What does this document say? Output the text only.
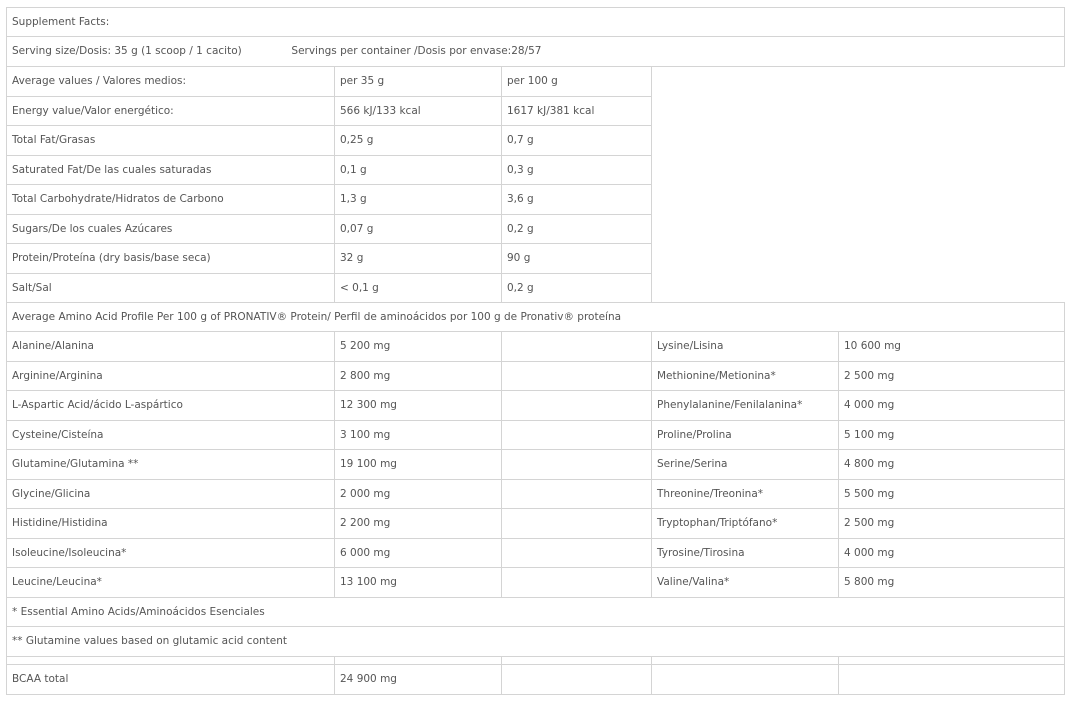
Supplement Facts:				
Serving size/Dosis: 35 g (1 scoop / 1 cacito) Servings per container /Dosis por envase:28/57				
Average values / Valores medios:	per 35 g	per 100 g		
Energy value/Valor energético:	566 kJ/133 kcal	1617 kJ/381 kcal		
Total Fat/Grasas	0,25 g	0,7 g		
Saturated Fat/De las cuales saturadas	0,1 g	0,3 g		
Total Carbohydrate/Hidratos de Carbono	1,3 g	3,6 g		
Sugars/De los cuales Azúcares	0,07 g	0,2 g		
Protein/Proteína (dry basis/base seca)	32 g	90 g		
Salt/Sal	< 0,1 g	0,2 g		
Average Amino Acid Profile Per 100 g of PRONATIV® Protein/ Perfil de aminoácidos por 100 g de Pronativ® proteína				
Alanine/Alanina	5 200 mg		Lysine/Lisina	10 600 mg
Arginine/Arginina	2 800 mg		Methionine/Metionina*	2 500 mg
L-Aspartic Acid/ácido L-aspártico	12 300 mg		Phenylalanine/Fenilalanina*	4 000 mg
Cysteine/Cisteína	3 100 mg		Proline/Prolina	5 100 mg
Glutamine/Glutamina **	19 100 mg		Serine/Serina	4 800 mg
Glycine/Glicina	2 000 mg		Threonine/Treonina*	5 500 mg
Histidine/Histidina	2 200 mg		Tryptophan/Triptófano*	2 500 mg
Isoleucine/Isoleucina*	6 000 mg		Tyrosine/Tirosina	4 000 mg
Leucine/Leucina*	13 100 mg		Valine/Valina*	5 800 mg
* Essential Amino Acids/Aminoácidos Esenciales				
** Glutamine values based on glutamic acid content				

BCAA total	24 900 mg			
